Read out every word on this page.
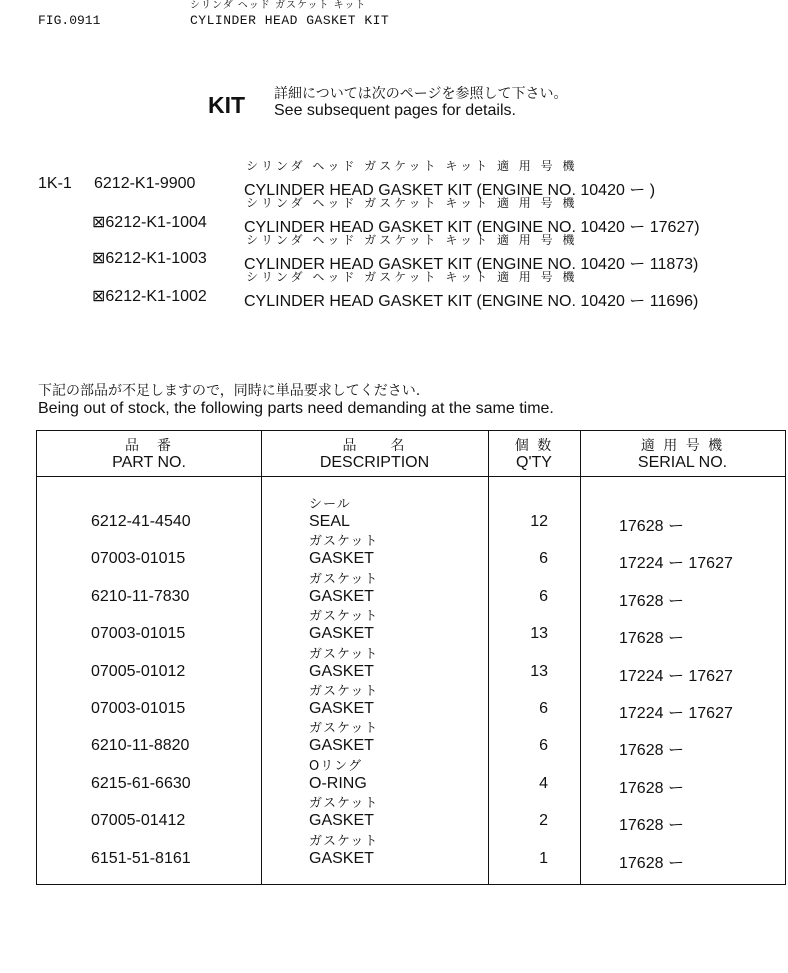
シリンダ ヘッド ガスケット キット
FIG.0911	CYLINDER HEAD GASKET KIT
KIT 詳細については次のページを参照して下さい。
See subsequent pages for details.
シリンダ ヘッド ガスケット キット 適 用 号 機
1K-1 6212-K1-9900	CYLINDER HEAD GASKET KIT (ENGINE NO. 10420 ー )
シリンダ ヘッド ガスケット キット 適 用 号 機
⊠6212-K1-1004 CYLINDER HEAD GASKET KIT (ENGINE NO. 10420 ー 17627)
シリンダ ヘッド ガスケット キット 適 用 号 機
⊠6212-K1-1003 CYLINDER HEAD GASKET KIT (ENGINE NO. 10420 ー 11873)
シリンダ ヘッド ガスケット キット 適 用 号 機
⊠6212-K1-1002 CYLINDER HEAD GASKET KIT (ENGINE NO. 10420 ー 11696)
下記の部品が不足しますので，同時に単品要求してください.
Being out of stock, the following parts need demanding at the same time.
品　番
PART NO.
品　　名
DESCRIPTION
個 数
Q'TY
適 用 号 機
SERIAL NO.
シール
6212-41-4540	SEAL	12	17628 ー
ガスケット
07003-01015	GASKET	6	17224 ー 17627
ガスケット
6210-11-7830	GASKET	6	17628 ー
ガスケット
07003-01015	GASKET	13	17628 ー
ガスケット
07005-01012	GASKET	13	17224 ー 17627
ガスケット
07003-01015	GASKET	6	17224 ー 17627
ガスケット
6210-11-8820	GASKET	6	17628 ー
Oリング
6215-61-6630	O-RING	4	17628 ー
ガスケット
07005-01412	GASKET	2	17628 ー
ガスケット
6151-51-8161	GASKET	1	17628 ー
